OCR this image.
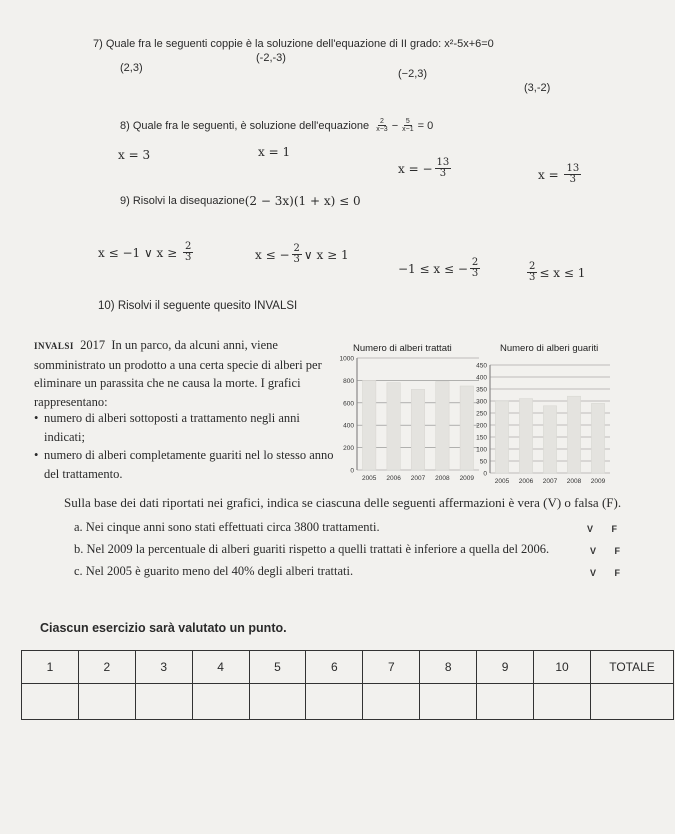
7) Quale fra le seguenti coppie è la soluzione dell'equazione di II grado: x²-5x+6=0
(2,3)
(-2,-3)
(−2,3)
(3,-2)
8) Quale fra le seguenti, è soluzione dell'equazione
$\frac{2}{x-3} - \frac{5}{x-1} = 0$
x = 3	x = 1
x = − $\frac{13}{3}$	x =
$\frac{13}{3}$
9) Risolvi la disequazione (2 − 3x)(1 + x) ≤ 0
x ≤ −1 ∨ x ≥
$\frac{2}{3}$	x ≤ − $\frac{2}{3}$ ∨ x ≥ 1
−1 ≤ x ≤ − $\frac{2}{3}$	$\frac{2}{3} \le x \le 1$
10) Risolvi il seguente quesito INVALSI
INVALSI 2017 In un parco, da alcuni anni, viene somministrato un prodotto a una certa specie di alberi per eliminare un parassita che ne causa la morte. I grafici rappresentano:
• numero di alberi sottoposti a trattamento negli anni indicati;
• numero di alberi completamente guariti nel lo stesso anno del trattamento.
Numero di alberi trattati
0
200
400
600
800
1000
2005 2006 2007 2008 2009
Numero di alberi guariti
0
50
100
150
200
250
300
350
400
450
2005 2006 2007 2008 2009
Sulla base dei dati riportati nei grafici, indica se ciascuna delle seguenti affermazioni è vera (V) o falsa (F).
a. Nei cinque anni sono stati effettuati circa 3800 trattamenti.	V F
b. Nel 2009 la percentuale di alberi guariti rispetto a quelli trattati è inferiore a quella del 2006.	V F
c. Nel 2005 è guarito meno del 40% degli alberi trattati.	V F
Ciascun esercizio sarà valutato un punto.
1	2	3	4	5	6	7	8	9	10	TOTALE
